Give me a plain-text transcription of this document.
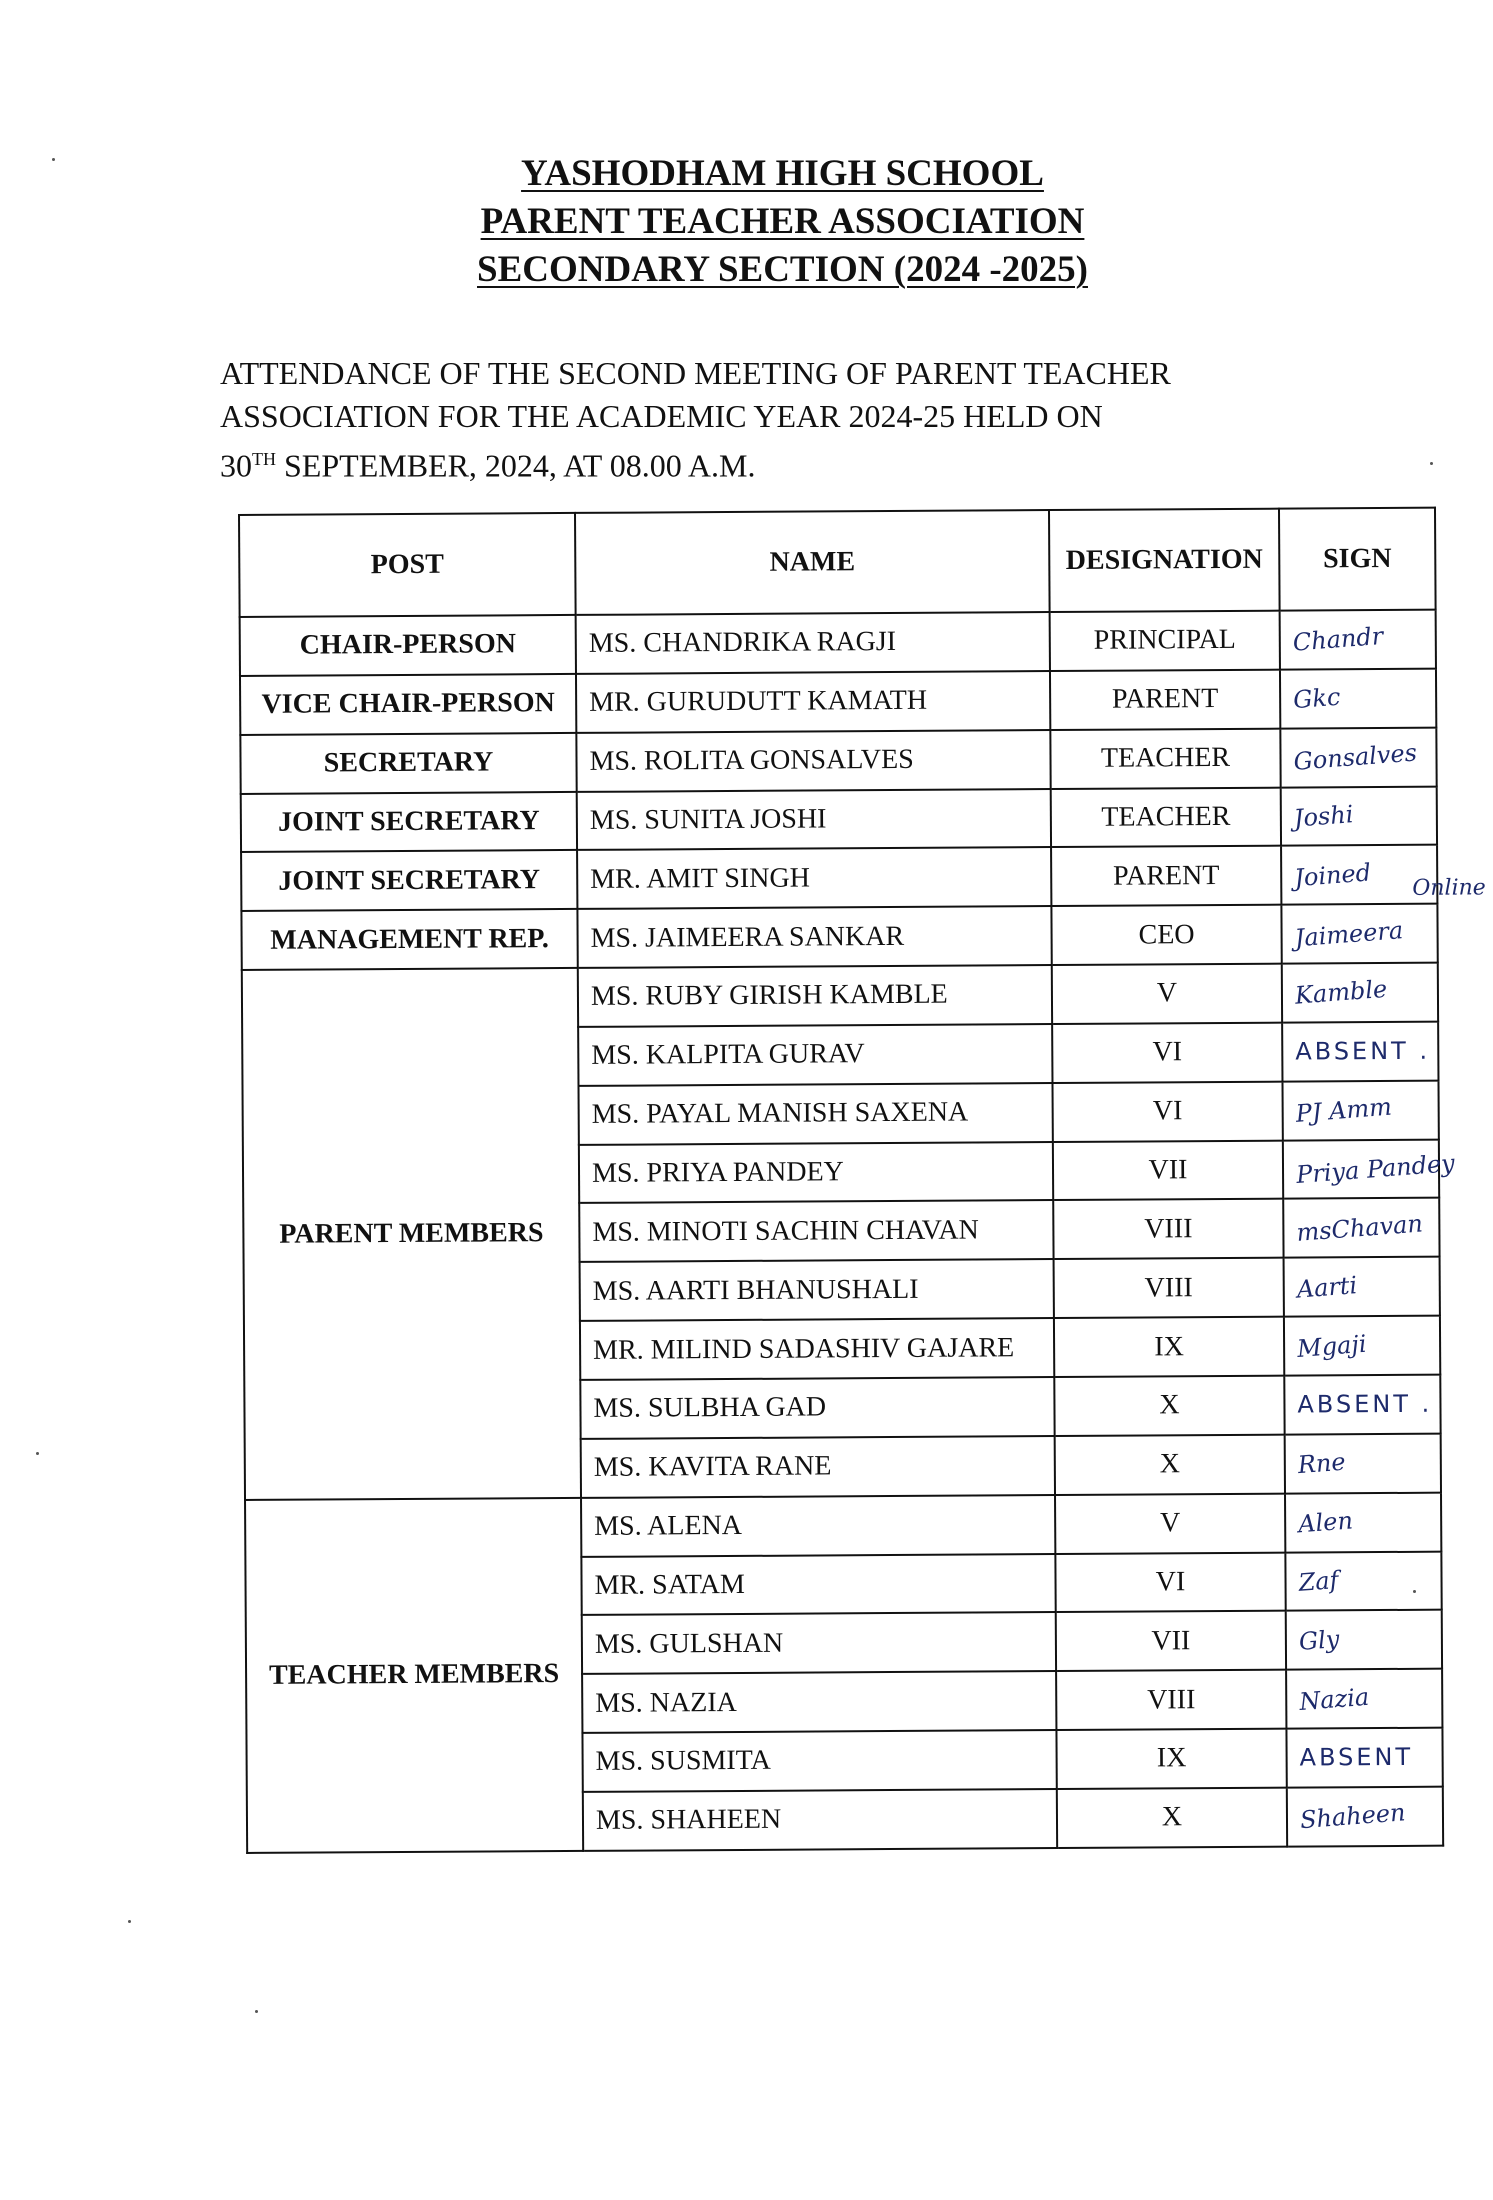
YASHODHAM HIGH SCHOOL
PARENT TEACHER ASSOCIATION
SECONDARY SECTION (2024 -2025)
ATTENDANCE OF THE SECOND MEETING OF PARENT TEACHER
ASSOCIATION FOR THE ACADEMIC YEAR 2024-25 HELD ON
30TH SEPTEMBER, 2024, AT 08.00 A.M.
POST	NAME	DESIGNATION	SIGN
CHAIR-PERSON	MS. CHANDRIKA RAGJI	PRINCIPAL	Chandr
VICE CHAIR-PERSON	MR. GURUDUTT KAMATH	PARENT	Gkc
SECRETARY	MS. ROLITA GONSALVES	TEACHER	Gonsalves
JOINT SECRETARY	MS. SUNITA JOSHI	TEACHER	Joshi
JOINT SECRETARY	MR. AMIT SINGH	PARENT	Joined Online

MANAGEMENT REP.	MS. JAIMEERA SANKAR	CEO	Jaimeera
PARENT MEMBERS	MS. RUBY GIRISH KAMBLE	V	Kamble
	MS. KALPITA GURAV	VI	ABSENT .
	MS. PAYAL MANISH SAXENA	VI	PJ Amm
	MS. PRIYA PANDEY	VII	Priya Pandey
	MS. MINOTI SACHIN CHAVAN	VIII	msChavan
	MS. AARTI BHANUSHALI	VIII	Aarti
	MR. MILIND SADASHIV GAJARE	IX	Mgaji
	MS. SULBHA GAD	X	ABSENT .
	MS. KAVITA RANE	X	Rne
TEACHER MEMBERS	MS. ALENA	V	Alen
	MR. SATAM	VI	Zaf
	MS. GULSHAN	VII	Gly
	MS. NAZIA	VIII	Nazia
	MS. SUSMITA	IX	ABSENT
	MS. SHAHEEN	X	Shaheen
